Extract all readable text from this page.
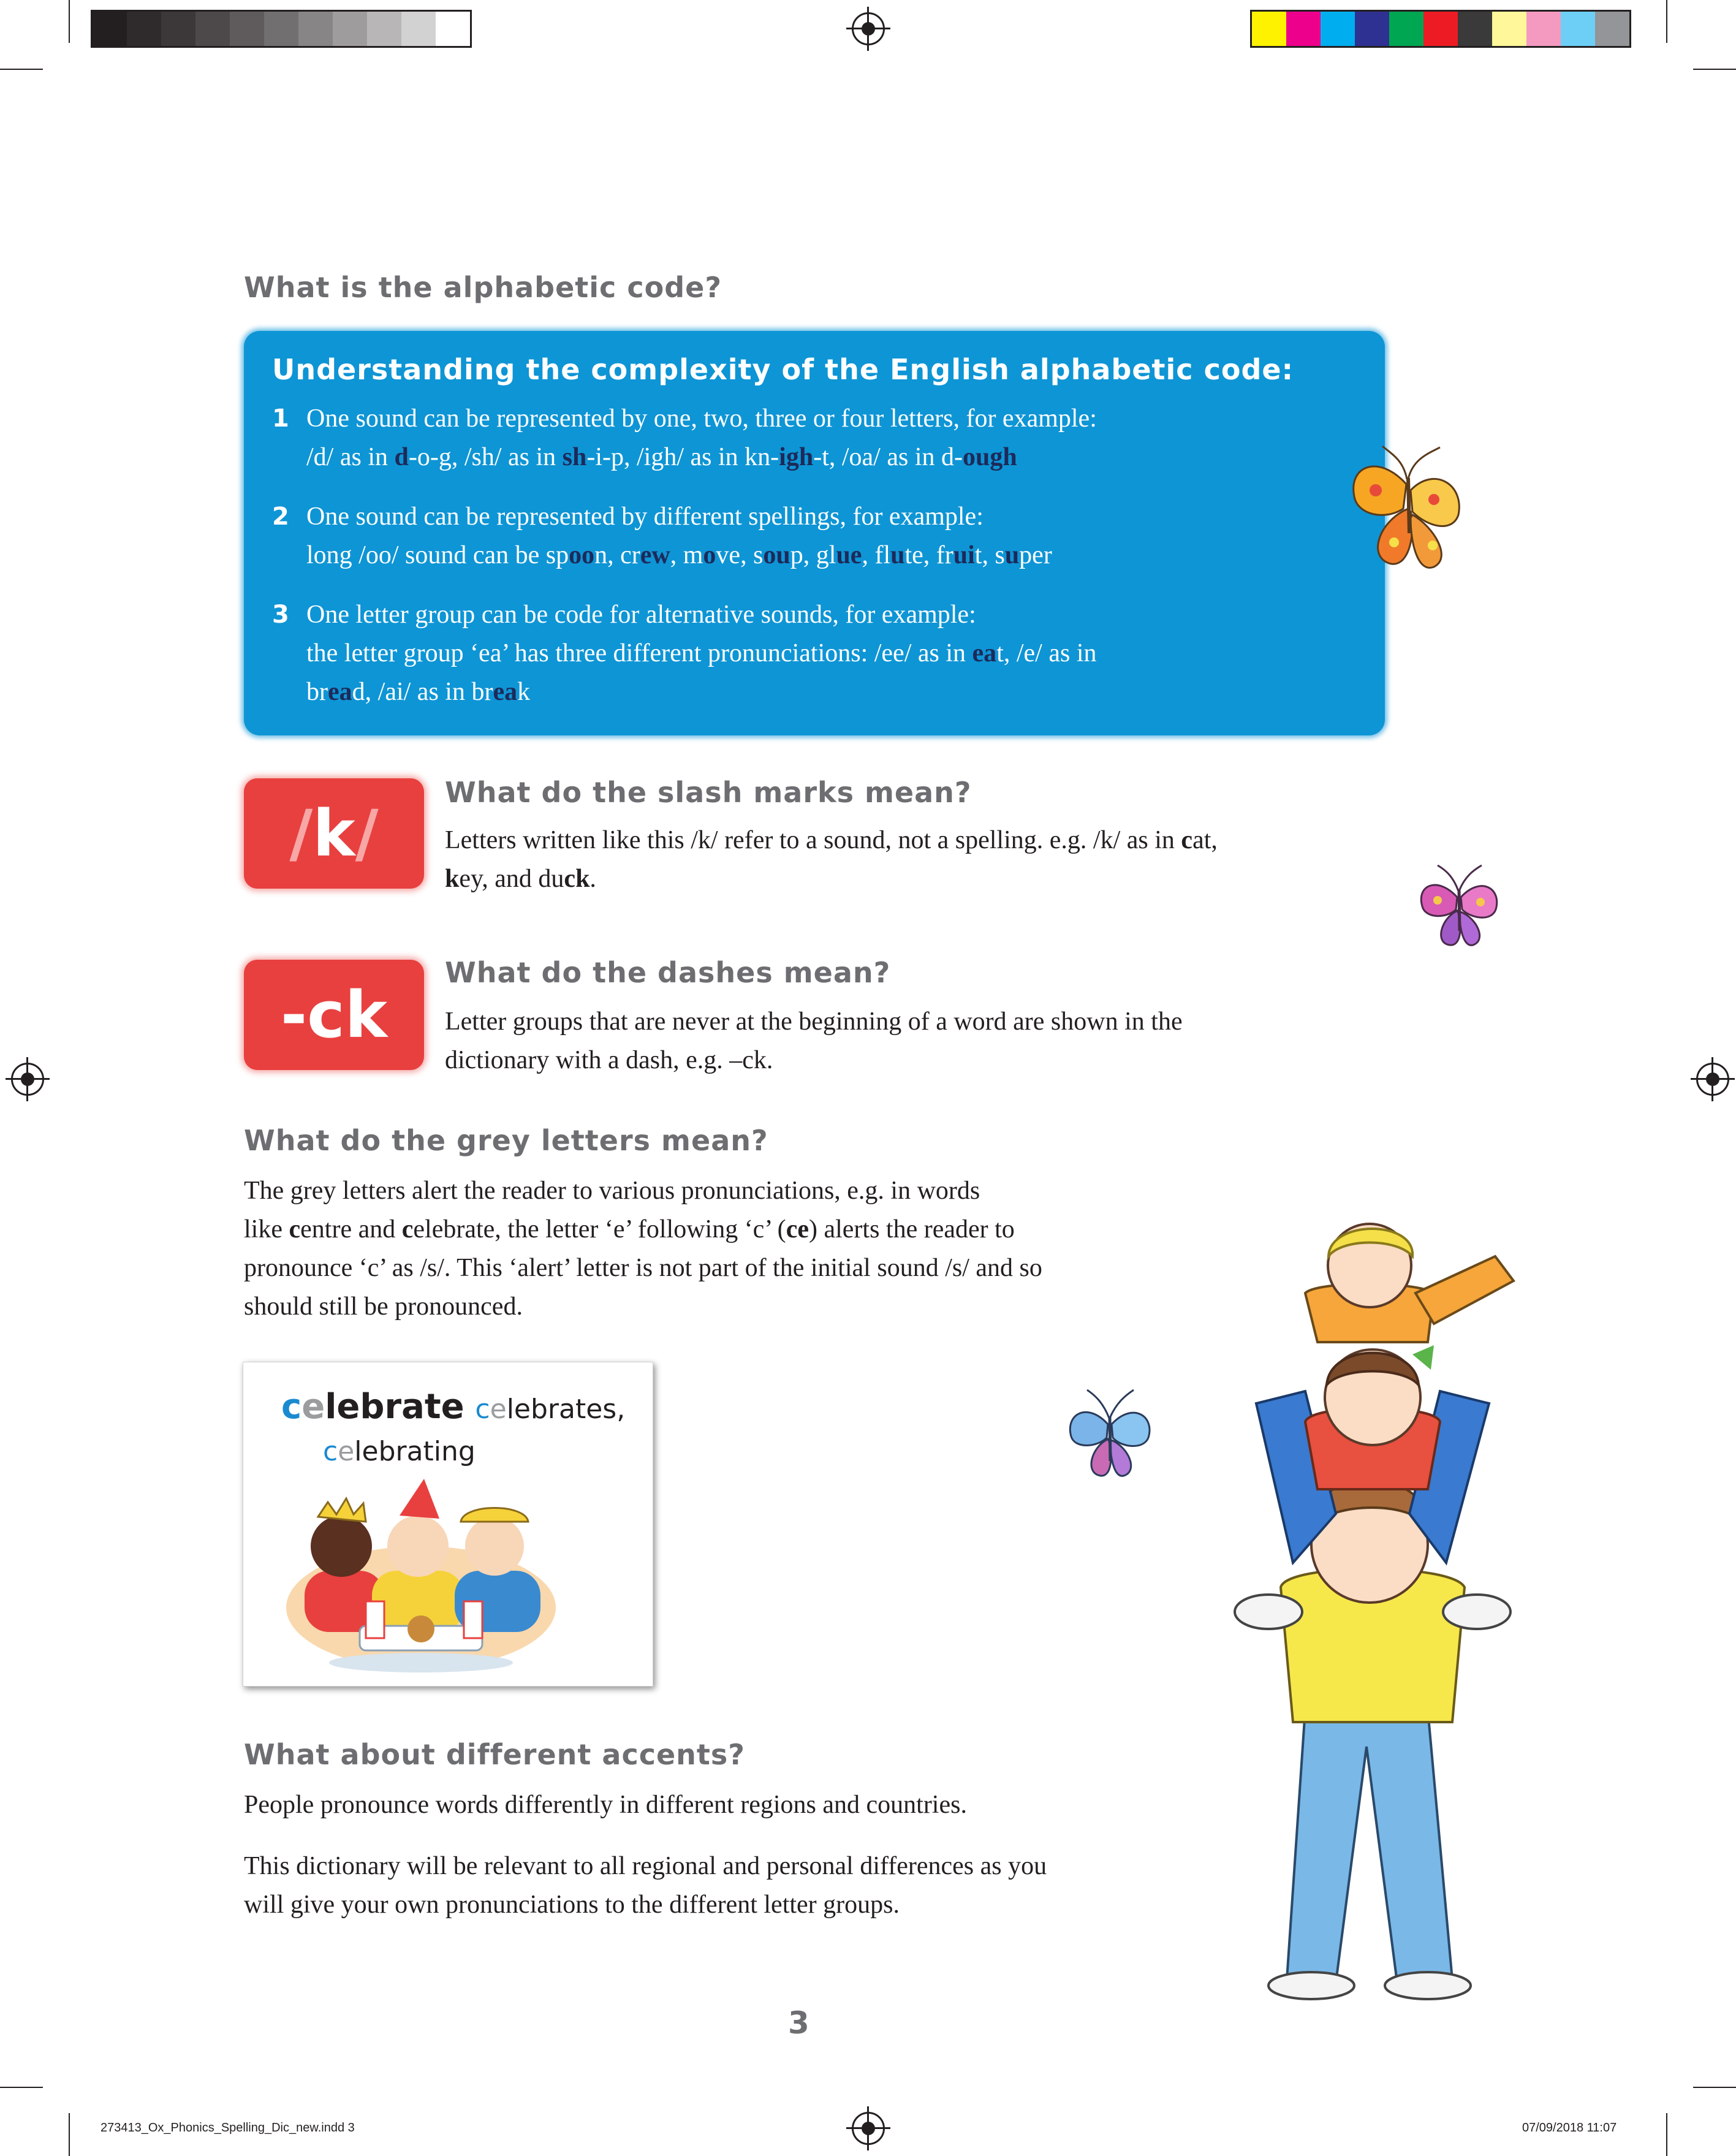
What is the alphabetic code?
Understanding the complexity of the English alphabetic code:
1 One sound can be represented by one, two, three or four letters, for example:
/d/ as in d-o-g, /sh/ as in sh-i-p, /igh/ as in kn-igh-t, /oa/ as in d-ough
2 One sound can be represented by different spellings, for example:
long /oo/ sound can be spoon, crew, move, soup, glue, flute, fruit, super
3 One letter group can be code for alternative sounds, for example:
the letter group ‘ea’ has three different pronunciations: /ee/ as in eat, /e/ as in
bread, /ai/ as in break
/ k /
What do the slash marks mean?
Letters written like this /k/ refer to a sound, not a spelling. e.g. /k/ as in cat,
key, and duck.
-ck
What do the dashes mean?
Letter groups that are never at the beginning of a word are shown in the
dictionary with a dash, e.g. –ck.
What do the grey letters mean?
The grey letters alert the reader to various pronunciations, e.g. in words
like centre and celebrate, the letter ‘e’ following ‘c’ (ce) alerts the reader to
pronounce ‘c’ as /s/. This ‘alert’ letter is not part of the initial sound /s/ and so
should still be pronounced.
celebrate celebrates,
celebrating
What about different accents?
People pronounce words differently in different regions and countries.
This dictionary will be relevant to all regional and personal differences as you
will give your own pronunciations to the different letter groups.
3
273413_Ox_Phonics_Spelling_Dic_new.indd 3	07/09/2018 11:07
